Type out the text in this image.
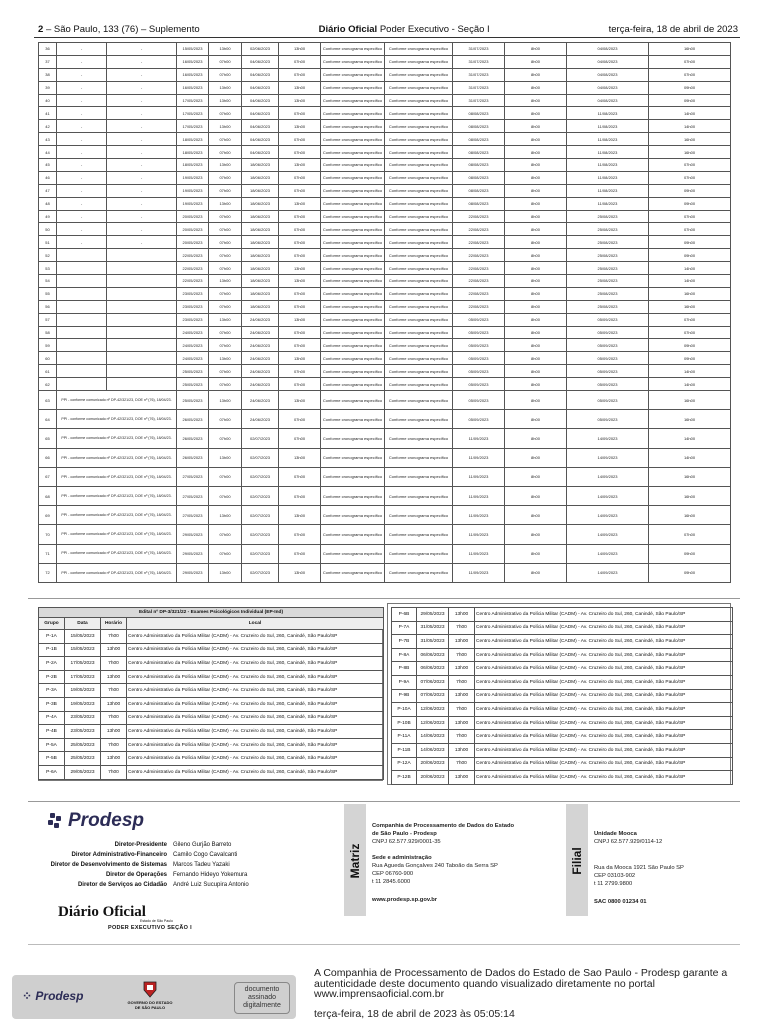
2 – São Paulo, 133 (76) – Suplemento	Diário Oficial Poder Executivo - Seção I	terça-feira, 18 de abril de 2023
36	-	-	15/05/2023	13h00	02/06/2023	13h00	Conforme cronograma específico	Conforme cronograma específico	31/07/2023	8h00	04/08/2023	16h00
37	-	-	16/05/2023	07h00	04/06/2023	07h00	Conforme cronograma específico	Conforme cronograma específico	31/07/2023	8h00	04/08/2023	07h00
38	-	-	16/05/2023	07h00	04/06/2023	07h00	Conforme cronograma específico	Conforme cronograma específico	31/07/2023	8h00	04/08/2023	07h00
39	-	-	16/05/2023	13h00	04/06/2023	13h00	Conforme cronograma específico	Conforme cronograma específico	31/07/2023	8h00	04/08/2023	09h00
40	-	-	17/05/2023	13h00	04/06/2023	13h00	Conforme cronograma específico	Conforme cronograma específico	31/07/2023	8h00	04/08/2023	09h00
41	-	-	17/05/2023	07h00	04/06/2023	07h00	Conforme cronograma específico	Conforme cronograma específico	08/08/2023	8h00	11/08/2023	14h00
42	-	-	17/05/2023	13h00	04/06/2023	13h00	Conforme cronograma específico	Conforme cronograma específico	08/08/2023	8h00	11/08/2023	14h00
43	-	-	18/05/2023	07h00	04/06/2023	07h00	Conforme cronograma específico	Conforme cronograma específico	08/08/2023	8h00	11/08/2023	16h00
44	-	-	18/05/2023	07h00	04/06/2023	07h00	Conforme cronograma específico	Conforme cronograma específico	08/08/2023	8h00	11/08/2023	16h00
45	-	-	18/05/2023	13h00	18/06/2023	13h00	Conforme cronograma específico	Conforme cronograma específico	08/08/2023	8h00	11/08/2023	07h00
46	-	-	19/05/2023	07h00	18/06/2023	07h00	Conforme cronograma específico	Conforme cronograma específico	08/08/2023	8h00	11/08/2023	07h00
47	-	-	19/05/2023	07h00	18/06/2023	07h00	Conforme cronograma específico	Conforme cronograma específico	08/08/2023	8h00	11/08/2023	09h00
48	-	-	19/05/2023	13h00	18/06/2023	13h00	Conforme cronograma específico	Conforme cronograma específico	08/08/2023	8h00	11/08/2023	09h00
49	-	-	20/05/2023	07h00	18/06/2023	07h00	Conforme cronograma específico	Conforme cronograma específico	22/08/2023	8h00	25/08/2023	07h00
50	-	-	20/05/2023	07h00	18/06/2023	07h00	Conforme cronograma específico	Conforme cronograma específico	22/08/2023	8h00	25/08/2023	07h00
51	-	-	20/05/2023	07h00	18/06/2023	07h00	Conforme cronograma específico	Conforme cronograma específico	22/08/2023	8h00	25/08/2023	09h00
52			22/05/2023	07h00	18/06/2023	07h00	Conforme cronograma específico	Conforme cronograma específico	22/08/2023	8h00	25/08/2023	09h00
53			22/05/2023	07h00	18/06/2023	13h00	Conforme cronograma específico	Conforme cronograma específico	22/08/2023	8h00	25/08/2023	14h00
54			22/05/2023	13h00	18/06/2023	13h00	Conforme cronograma específico	Conforme cronograma específico	22/08/2023	8h00	25/08/2023	14h00
55			23/05/2023	07h00	18/06/2023	07h00	Conforme cronograma específico	Conforme cronograma específico	22/08/2023	8h00	25/08/2023	16h00
56			23/05/2023	07h00	18/06/2023	07h00	Conforme cronograma específico	Conforme cronograma específico	22/08/2023	8h00	25/08/2023	16h00
57			23/05/2023	13h00	24/06/2023	13h00	Conforme cronograma específico	Conforme cronograma específico	05/09/2023	8h00	05/09/2023	07h00
58			24/05/2023	07h00	24/06/2023	07h00	Conforme cronograma específico	Conforme cronograma específico	05/09/2023	8h00	05/09/2023	07h00
59			24/05/2023	07h00	24/06/2023	07h00	Conforme cronograma específico	Conforme cronograma específico	05/09/2023	8h00	05/09/2023	09h00
60			24/05/2023	13h00	24/06/2023	13h00	Conforme cronograma específico	Conforme cronograma específico	05/09/2023	8h00	05/09/2023	09h00
61			25/05/2023	07h00	24/06/2023	07h00	Conforme cronograma específico	Conforme cronograma específico	05/09/2023	8h00	05/09/2023	14h00
62			25/05/2023	07h00	24/06/2023	07h00	Conforme cronograma específico	Conforme cronograma específico	05/09/2023	8h00	05/09/2023	14h00
63	PPI - conforme comunicado nº DP-42/321/23, DOE nº (76), 18/04/23.		25/05/2023	13h00	24/06/2023	13h00	Conforme cronograma específico	Conforme cronograma específico	05/09/2023	8h00	05/09/2023	16h00
64	PPI - conforme comunicado nº DP-42/321/23, DOE nº (76), 18/04/23.		26/05/2023	07h00	24/06/2023	07h00	Conforme cronograma específico	Conforme cronograma específico	05/09/2023	8h00	05/09/2023	16h00
65	PPI - conforme comunicado nº DP-42/321/23, DOE nº (76), 18/04/23.		26/05/2023	07h00	02/07/2023	07h00	Conforme cronograma específico	Conforme cronograma específico	11/09/2023	8h00	14/09/2023	14h00
66	PPI - conforme comunicado nº DP-42/321/23, DOE nº (76), 18/04/23.		26/05/2023	13h00	02/07/2023	13h00	Conforme cronograma específico	Conforme cronograma específico	11/09/2023	8h00	14/09/2023	14h00
67	PPI - conforme comunicado nº DP-42/321/23, DOE nº (76), 18/04/23.		27/05/2023	07h00	02/07/2023	07h00	Conforme cronograma específico	Conforme cronograma específico	11/09/2023	8h00	14/09/2023	16h00
68	PPI - conforme comunicado nº DP-42/321/23, DOE nº (76), 18/04/23.		27/05/2023	07h00	02/07/2023	07h00	Conforme cronograma específico	Conforme cronograma específico	11/09/2023	8h00	14/09/2023	16h00
69	PPI - conforme comunicado nº DP-42/321/23, DOE nº (76), 18/04/23.		27/05/2023	13h00	02/07/2023	13h00	Conforme cronograma específico	Conforme cronograma específico	11/09/2023	8h00	14/09/2023	16h00
70	PPI - conforme comunicado nº DP-42/321/23, DOE nº (76), 18/04/23.		29/05/2023	07h00	02/07/2023	07h00	Conforme cronograma específico	Conforme cronograma específico	11/09/2023	8h00	14/09/2023	07h00
71	PPI - conforme comunicado nº DP-42/321/23, DOE nº (76), 18/04/23.		29/05/2023	07h00	02/07/2023	07h00	Conforme cronograma específico	Conforme cronograma específico	11/09/2023	8h00	14/09/2023	09h00
72	PPI - conforme comunicado nº DP-42/321/23, DOE nº (76), 18/04/23.		29/05/2023	13h00	02/07/2023	13h00	Conforme cronograma específico	Conforme cronograma específico	11/09/2023	8h00	14/09/2023	09h00
Edital nº DP-3/321/22 - Exames Psicológicos Individual (EP-Ind)			
Grupo	Data	Horário	Local
P-1A	15/05/2023	7h00	Centro Administrativo da Polícia Militar (CADM) - Av. Cruzeiro do Sul, 260, Canindé, São Paulo/SP
P-1B	15/05/2023	13h00	Centro Administrativo da Polícia Militar (CADM) - Av. Cruzeiro do Sul, 260, Canindé, São Paulo/SP
P-2A	17/05/2023	7h00	Centro Administrativo da Polícia Militar (CADM) - Av. Cruzeiro do Sul, 260, Canindé, São Paulo/SP
P-2B	17/05/2023	13h00	Centro Administrativo da Polícia Militar (CADM) - Av. Cruzeiro do Sul, 260, Canindé, São Paulo/SP
P-3A	19/05/2023	7h00	Centro Administrativo da Polícia Militar (CADM) - Av. Cruzeiro do Sul, 260, Canindé, São Paulo/SP
P-3B	19/05/2023	13h00	Centro Administrativo da Polícia Militar (CADM) - Av. Cruzeiro do Sul, 260, Canindé, São Paulo/SP
P-4A	23/05/2023	7h00	Centro Administrativo da Polícia Militar (CADM) - Av. Cruzeiro do Sul, 260, Canindé, São Paulo/SP
P-4B	23/05/2023	13h00	Centro Administrativo da Polícia Militar (CADM) - Av. Cruzeiro do Sul, 260, Canindé, São Paulo/SP
P-5A	25/05/2023	7h00	Centro Administrativo da Polícia Militar (CADM) - Av. Cruzeiro do Sul, 260, Canindé, São Paulo/SP
P-5B	25/05/2023	13h00	Centro Administrativo da Polícia Militar (CADM) - Av. Cruzeiro do Sul, 260, Canindé, São Paulo/SP
P-6A	29/05/2023	7h00	Centro Administrativo da Polícia Militar (CADM) - Av. Cruzeiro do Sul, 260, Canindé, São Paulo/SP
P-6B	29/05/2023	13h00	Centro Administrativo da Polícia Militar (CADM) - Av. Cruzeiro do Sul, 260, Canindé, São Paulo/SP
P-7A	31/05/2023	7h00	Centro Administrativo da Polícia Militar (CADM) - Av. Cruzeiro do Sul, 260, Canindé, São Paulo/SP
P-7B	31/05/2023	13h00	Centro Administrativo da Polícia Militar (CADM) - Av. Cruzeiro do Sul, 260, Canindé, São Paulo/SP
P-8A	06/06/2023	7h00	Centro Administrativo da Polícia Militar (CADM) - Av. Cruzeiro do Sul, 260, Canindé, São Paulo/SP
P-8B	06/06/2023	13h00	Centro Administrativo da Polícia Militar (CADM) - Av. Cruzeiro do Sul, 260, Canindé, São Paulo/SP
P-9A	07/06/2023	7h00	Centro Administrativo da Polícia Militar (CADM) - Av. Cruzeiro do Sul, 260, Canindé, São Paulo/SP
P-9B	07/06/2023	13h00	Centro Administrativo da Polícia Militar (CADM) - Av. Cruzeiro do Sul, 260, Canindé, São Paulo/SP
P-10A	12/06/2023	7h00	Centro Administrativo da Polícia Militar (CADM) - Av. Cruzeiro do Sul, 260, Canindé, São Paulo/SP
P-10B	12/06/2023	13h00	Centro Administrativo da Polícia Militar (CADM) - Av. Cruzeiro do Sul, 260, Canindé, São Paulo/SP
P-11A	14/06/2023	7h00	Centro Administrativo da Polícia Militar (CADM) - Av. Cruzeiro do Sul, 260, Canindé, São Paulo/SP
P-11B	14/06/2023	13h00	Centro Administrativo da Polícia Militar (CADM) - Av. Cruzeiro do Sul, 260, Canindé, São Paulo/SP
P-12A	20/06/2023	7h00	Centro Administrativo da Polícia Militar (CADM) - Av. Cruzeiro do Sul, 260, Canindé, São Paulo/SP
P-12B	20/06/2023	13h00	Centro Administrativo da Polícia Militar (CADM) - Av. Cruzeiro do Sul, 260, Canindé, São Paulo/SP
Prodesp
Diretor-Presidente	Gileno Gurjão Barreto
Diretor Administrativo-Financeiro	Camilo Cogo Cavalcanti
Diretor de Desenvolvimento de Sistemas	Marcos Tadeu Yazaki
Diretor de Operações	Fernando Hideyo Yokemura
Diretor de Serviços ao Cidadão	André Luiz Sucupira Antonio
Diário Oficial
Estado de São Paulo
PODER EXECUTIVO SEÇÃO I
Matriz
Companhia de Processamento de Dados do Estado de São Paulo - Prodesp
CNPJ 62.577.929/0001-35
Sede e administração
Rua Agueda Gonçalves 240 Taboão da Serra SP
CEP 06760-900
t 11 2845.6000
www.prodesp.sp.gov.br
Filial
Unidade Mooca
CNPJ 62.577.929/0114-12
Rua da Mooca 1921 São Paulo SP
CEP 03103-902
t 11 2799.9800
SAC 0800 01234 01
⁘ Prodesp	GOVERNO DO ESTADO
DE SÃO PAULO
documento
assinado
digitalmente
A Companhia de Processamento de Dados do Estado de Sao Paulo - Prodesp garante a autenticidade deste documento quando visualizado diretamente no portal www.imprensaoficial.com.br
terça-feira, 18 de abril de 2023 às 05:05:14
